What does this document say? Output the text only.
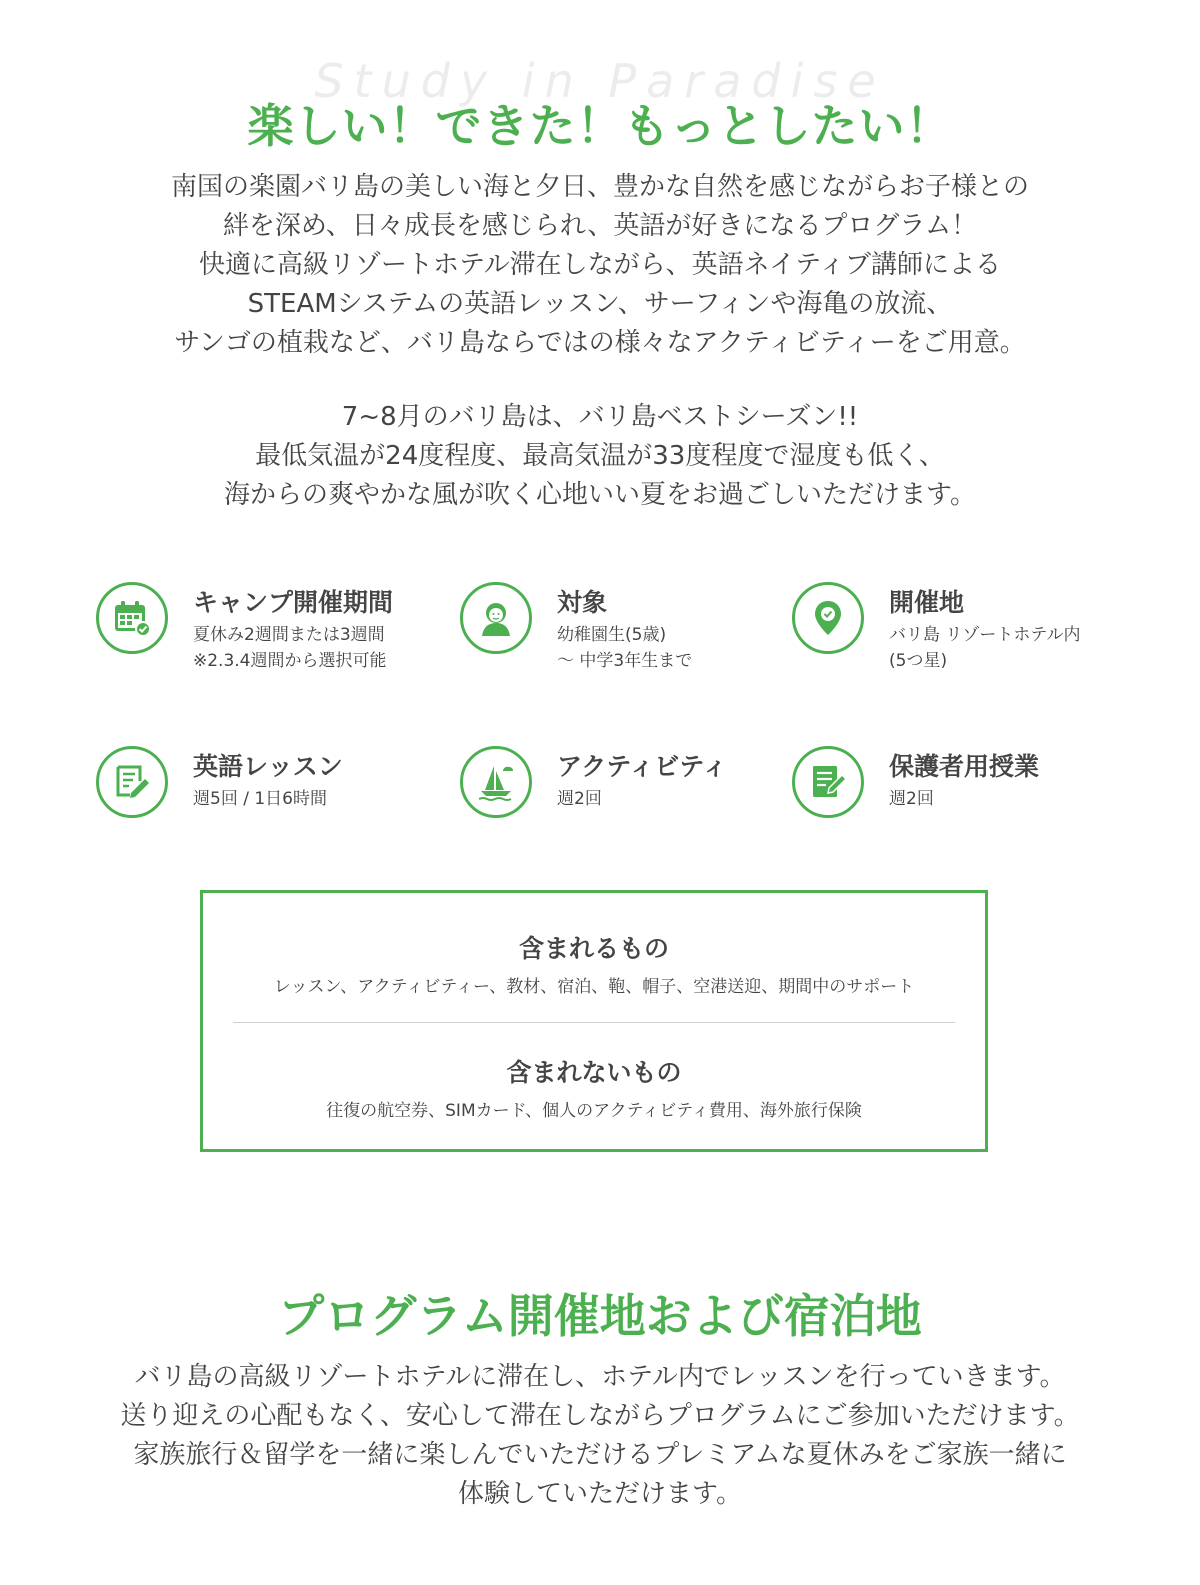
Study in Paradise
楽しい！できた！もっとしたい！

南国の楽園バリ島の美しい海と夕日、豊かな自然を感じながらお子様との

絆を深め、日々成長を感じられ、英語が好きになるプログラム！

快適に高級リゾートホテル滞在しながら、英語ネイティブ講師による

STEAMシステムの英語レッスン、サーフィンや海亀の放流、

サンゴの植栽など、バリ島ならではの様々なアクティビティーをご用意。

7~8月のバリ島は、バリ島ベストシーズン!!

最低気温が24度程度、最高気温が33度程度で湿度も低く、

海からの爽やかな風が吹く心地いい夏をお過ごしいただけます。

キャンプ開催期間
夏休み2週間または3週間
※2.3.4週間から選択可能
対象
幼稚園生(5歳)
～ 中学3年生まで
開催地
バリ島 リゾートホテル内
(5つ星)
英語レッスン
週5回 / 1日6時間
アクティビティ
週2回
保護者用授業
週2回
含まれるもの
レッスン、アクティビティー、教材、宿泊、鞄、帽子、空港送迎、期間中のサポート
含まれないもの
往復の航空券、SIMカード、個人のアクティビティ費用、海外旅行保険
プログラム開催地および宿泊地

バリ島の高級リゾートホテルに滞在し、ホテル内でレッスンを行っていきます。

送り迎えの心配もなく、安心して滞在しながらプログラムにご参加いただけます。

家族旅行＆留学を一緒に楽しんでいただけるプレミアムな夏休みをご家族一緒に

体験していただけます。
